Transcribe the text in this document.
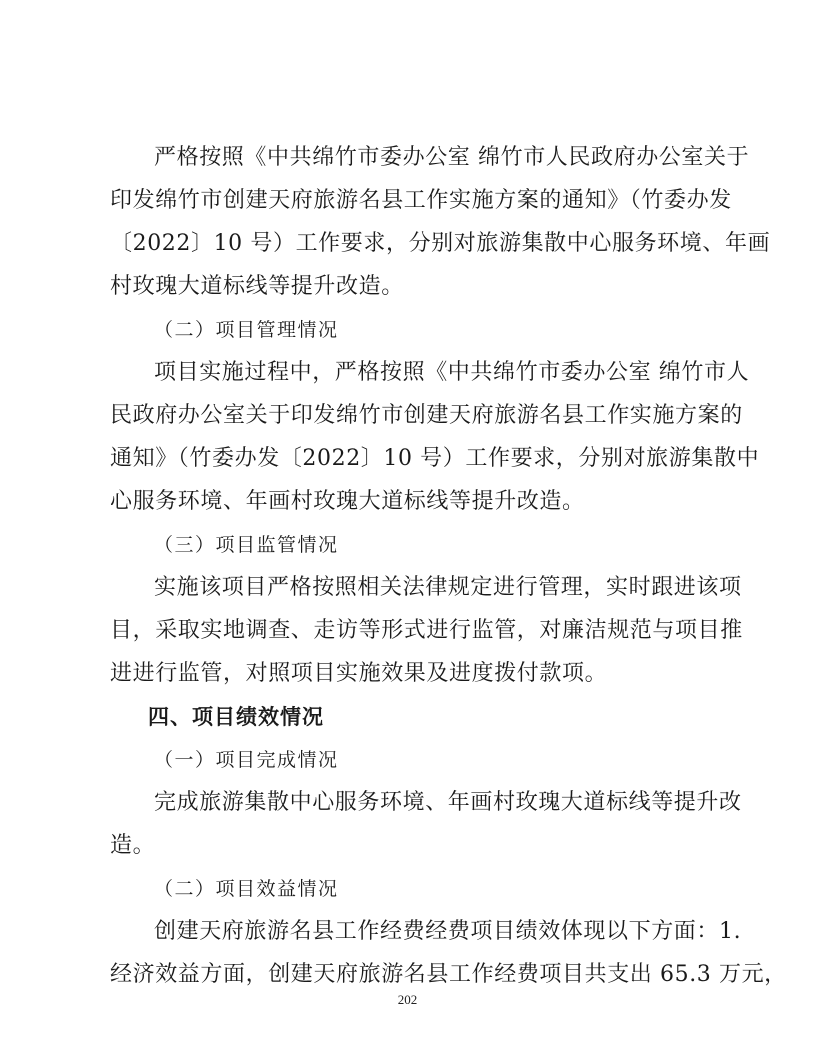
严格按照《中共绵竹市委办公室 绵竹市人民政府办公室关于
印发绵竹市创建天府旅游名县工作实施方案的通知》（竹委办发
〔2022〕10 号）工作要求，分别对旅游集散中心服务环境、年画
村玫瑰大道标线等提升改造。
（二）项目管理情况
项目实施过程中，严格按照《中共绵竹市委办公室 绵竹市人
民政府办公室关于印发绵竹市创建天府旅游名县工作实施方案的
通知》（竹委办发〔2022〕10 号）工作要求，分别对旅游集散中
心服务环境、年画村玫瑰大道标线等提升改造。
（三）项目监管情况
实施该项目严格按照相关法律规定进行管理，实时跟进该项
目，采取实地调查、走访等形式进行监管，对廉洁规范与项目推
进进行监管，对照项目实施效果及进度拨付款项。
四、项目绩效情况
（一）项目完成情况
完成旅游集散中心服务环境、年画村玫瑰大道标线等提升改
造。
（二）项目效益情况
创建天府旅游名县工作经费经费项目绩效体现以下方面：1.
经济效益方面，创建天府旅游名县工作经费项目共支出 65.3 万元，
202
